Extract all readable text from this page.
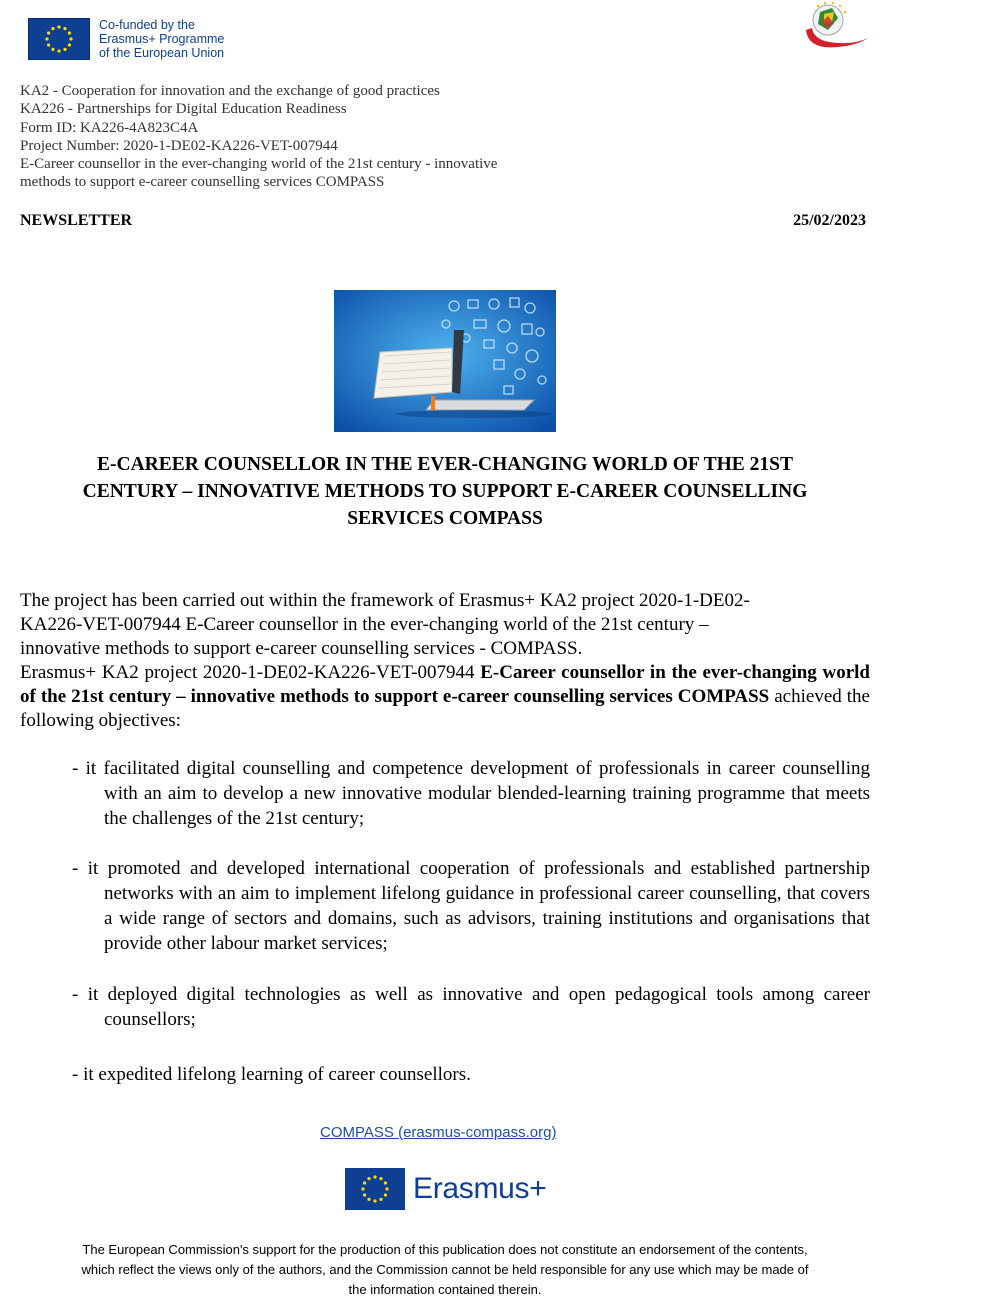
Co-funded by the
Erasmus+ Programme
of the European Union
KA2 - Cooperation for innovation and the exchange of good practices
KA226 - Partnerships for Digital Education Readiness
Form ID: KA226-4A823C4A
Project Number: 2020-1-DE02-KA226-VET-007944
E-Career counsellor in the ever-changing world of the 21st century - innovative
methods to support e-career counselling services COMPASS
NEWSLETTER	25/02/2023
E-CAREER COUNSELLOR IN THE EVER-CHANGING WORLD OF THE 21ST
CENTURY – INNOVATIVE METHODS TO SUPPORT E-CAREER COUNSELLING
SERVICES COMPASS
The project has been carried out within the framework of Erasmus+ KA2 project 2020-1-DE02-
KA226-VET-007944 E-Career counsellor in the ever-changing world of the 21st century –
innovative methods to support e-career counselling services - COMPASS.
Erasmus+ KA2 project 2020-1-DE02-KA226-VET-007944 E-Career counsellor in the ever-changing world of the 21st century – innovative methods to support e-career counselling services COMPASS achieved the following objectives:
- it facilitated digital counselling and competence development of professionals in career counselling with an aim to develop a new innovative modular blended-learning training programme that meets the challenges of the 21st century;
- it promoted and developed international cooperation of professionals and established partnership networks with an aim to implement lifelong guidance in professional career counselling, that covers a wide range of sectors and domains, such as advisors, training institutions and organisations that provide other labour market services;
- it deployed digital technologies as well as innovative and open pedagogical tools among career counsellors;
- it expedited lifelong learning of career counsellors.
COMPASS (erasmus-compass.org)
Erasmus+
The European Commission's support for the production of this publication does not constitute an endorsement of the contents,
which reflect the views only of the authors, and the Commission cannot be held responsible for any use which may be made of
the information contained therein.
